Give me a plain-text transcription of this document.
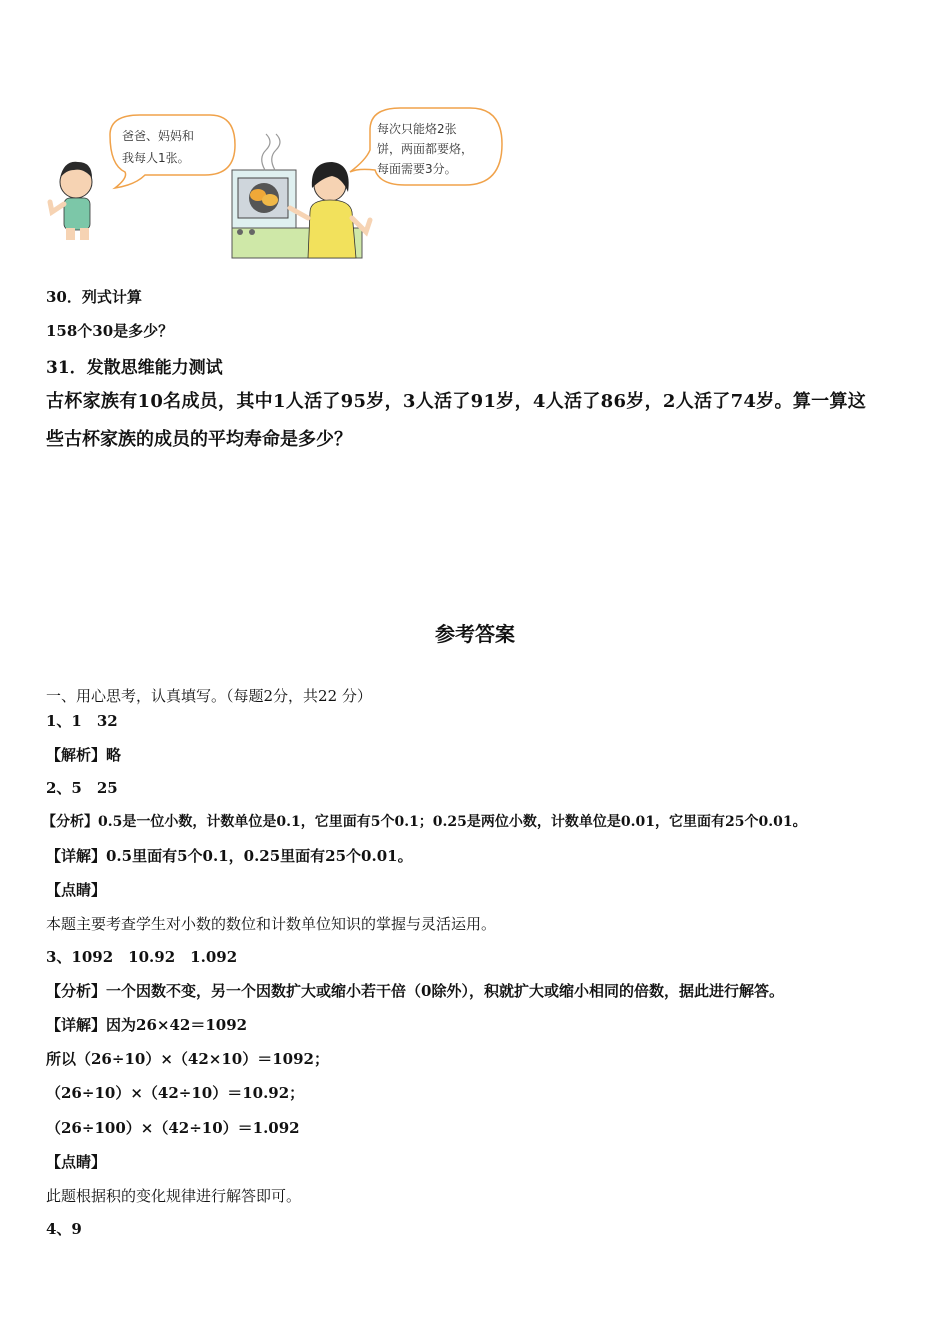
爸爸、妈妈和
我每人1张。
每次只能烙2张
饼，两面都要烙，
每面需要3分。
30．列式计算
158个30是多少？
31．发散思维能力测试
古杯家族有10名成员，其中1人活了95岁，3人活了91岁，4人活了86岁，2人活了74岁。算一算这
些古杯家族的成员的平均寿命是多少？
参考答案
一、用心思考，认真填写。（每题2分，共22 分）
1、1　32
【解析】略
2、5　25
【分析】0.5是一位小数，计数单位是0.1，它里面有5个0.1；0.25是两位小数，计数单位是0.01，它里面有25个0.01。
【详解】0.5里面有5个0.1，0.25里面有25个0.01。
【点睛】
本题主要考查学生对小数的数位和计数单位知识的掌握与灵活运用。
3、1092　10.92　1.092
【分析】一个因数不变，另一个因数扩大或缩小若干倍（0除外），积就扩大或缩小相同的倍数，据此进行解答。
【详解】因为26×42＝1092
所以（26÷10）×（42×10）＝1092；
（26÷10）×（42÷10）＝10.92；
（26÷100）×（42÷10）＝1.092
【点睛】
此题根据积的变化规律进行解答即可。
4、9
